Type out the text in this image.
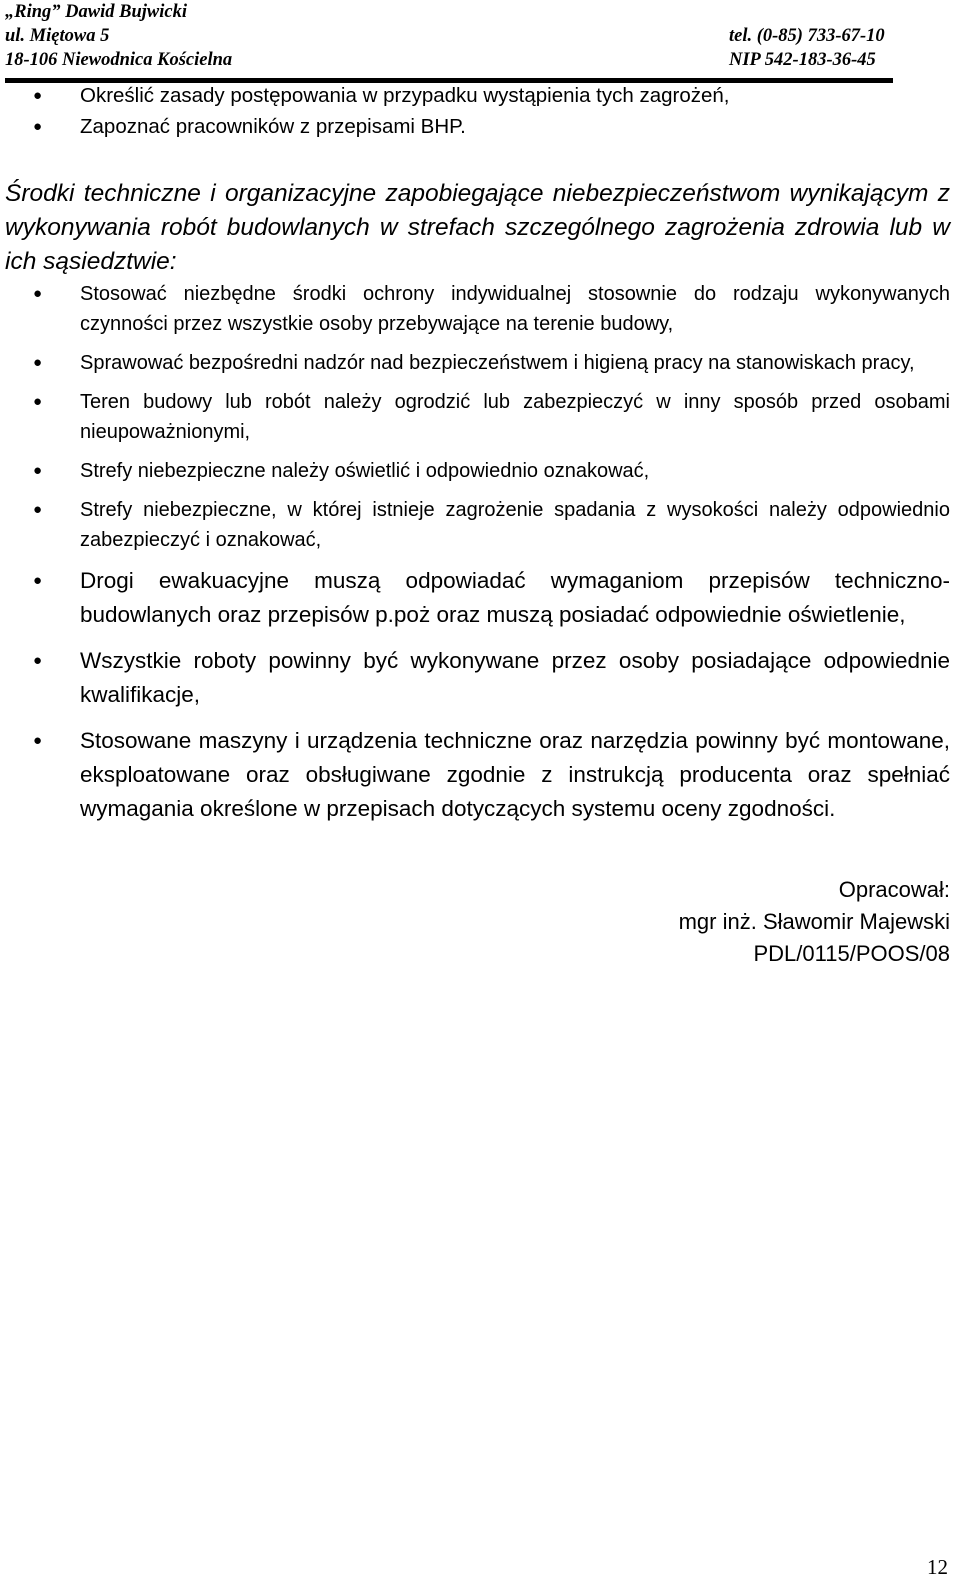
„Ring” Dawid Bujwicki
ul. Miętowa 5
18-106 Niewodnica Kościelna
tel. (0-85) 733-67-10
NIP 542-183-36-45
● Określić zasady postępowania w przypadku wystąpienia tych zagrożeń,
● Zapoznać pracowników z przepisami BHP.
Środki techniczne i organizacyjne zapobiegające niebezpieczeństwom wynikającym z wykonywania robót budowlanych w strefach szczególnego zagrożenia zdrowia lub w ich sąsiedztwie:
● Stosować niezbędne środki ochrony indywidualnej stosownie do rodzaju wykonywanych czynności przez wszystkie osoby przebywające na terenie budowy,
● Sprawować bezpośredni nadzór nad bezpieczeństwem i higieną pracy na stanowiskach pracy,
● Teren budowy lub robót należy ogrodzić lub zabezpieczyć w inny sposób przed osobami nieupoważnionymi,
● Strefy niebezpieczne należy oświetlić i odpowiednio oznakować,
● Strefy niebezpieczne, w której istnieje zagrożenie spadania z wysokości należy odpowiednio zabezpieczyć i oznakować,
● Drogi ewakuacyjne muszą odpowiadać wymaganiom przepisów techniczno-budowlanych oraz przepisów p.poż oraz muszą posiadać odpowiednie oświetlenie,
● Wszystkie roboty powinny być wykonywane przez osoby posiadające odpowiednie kwalifikacje,
● Stosowane maszyny i urządzenia techniczne oraz narzędzia powinny być montowane, eksploatowane oraz obsługiwane zgodnie z instrukcją producenta oraz spełniać wymagania określone w przepisach dotyczących systemu oceny zgodności.
Opracował:
mgr inż. Sławomir Majewski
PDL/0115/POOS/08
12
